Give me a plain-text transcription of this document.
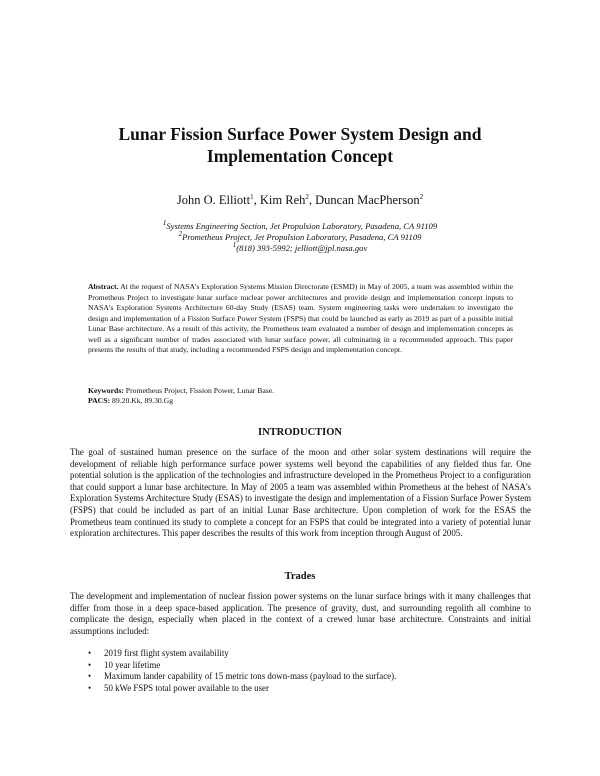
Lunar Fission Surface Power System Design and
Implementation Concept
John O. Elliott$^1$, Kim Reh$^2$, Duncan MacPherson$^2$
$^1$Systems Engineering Section, Jet Propulsion Laboratory, Pasadena, CA 91109
$^2$Prometheus Project, Jet Propulsion Laboratory, Pasadena, CA 91109
$^1$(818) 393-5992; jelliott@jpl.nasa.gov

Abstract. At the request of NASA's Exploration Systems Mission Directorate (ESMD) in May of 2005, a team was assembled within the Prometheus Project to investigate lunar surface nuclear power architectures and provide design and implementation concept inputs to NASA's Exploration Systems Architecture 60-day Study (ESAS) team. System engineering tasks were undertaken to investigate the design and implementation of a Fission Surface Power System (FSPS) that could be launched as early as 2019 as part of a possible initial Lunar Base architecture. As a result of this activity, the Prometheus team evaluated a number of design and implementation concepts as well as a significant number of trades associated with lunar surface power, all culminating in a recommended approach. This paper presents the results of that study, including a recommended FSPS design and implementation concept.

Keywords: Prometheus Project, Fission Power, Lunar Base.

PACS: 89.20.Kk, 89.30.Gg

INTRODUCTION

The goal of sustained human presence on the surface of the moon and other solar system destinations will require the development of reliable high performance surface power systems well beyond the capabilities of any fielded thus far. One potential solution is the application of the technologies and infrastructure developed in the Prometheus Project to a configuration that could support a lunar base architecture. In May of 2005 a team was assembled within Prometheus at the behest of NASA's Exploration Systems Architecture Study (ESAS) to investigate the design and implementation of a Fission Surface Power System (FSPS) that could be included as part of an initial Lunar Base architecture. Upon completion of work for the ESAS the Prometheus team continued its study to complete a concept for an FSPS that could be integrated into a variety of potential lunar exploration architectures. This paper describes the results of this work from inception through August of 2005.

Trades

The development and implementation of nuclear fission power systems on the lunar surface brings with it many challenges that differ from those in a deep space-based application. The presence of gravity, dust, and surrounding regolith all combine to complicate the design, especially when placed in the context of a crewed lunar base architecture. Constraints and initial assumptions included:

• 2019 first flight system availability
• 10 year lifetime
• Maximum lander capability of 15 metric tons down-mass (payload to the surface).
• 50 kWe FSPS total power available to the user
